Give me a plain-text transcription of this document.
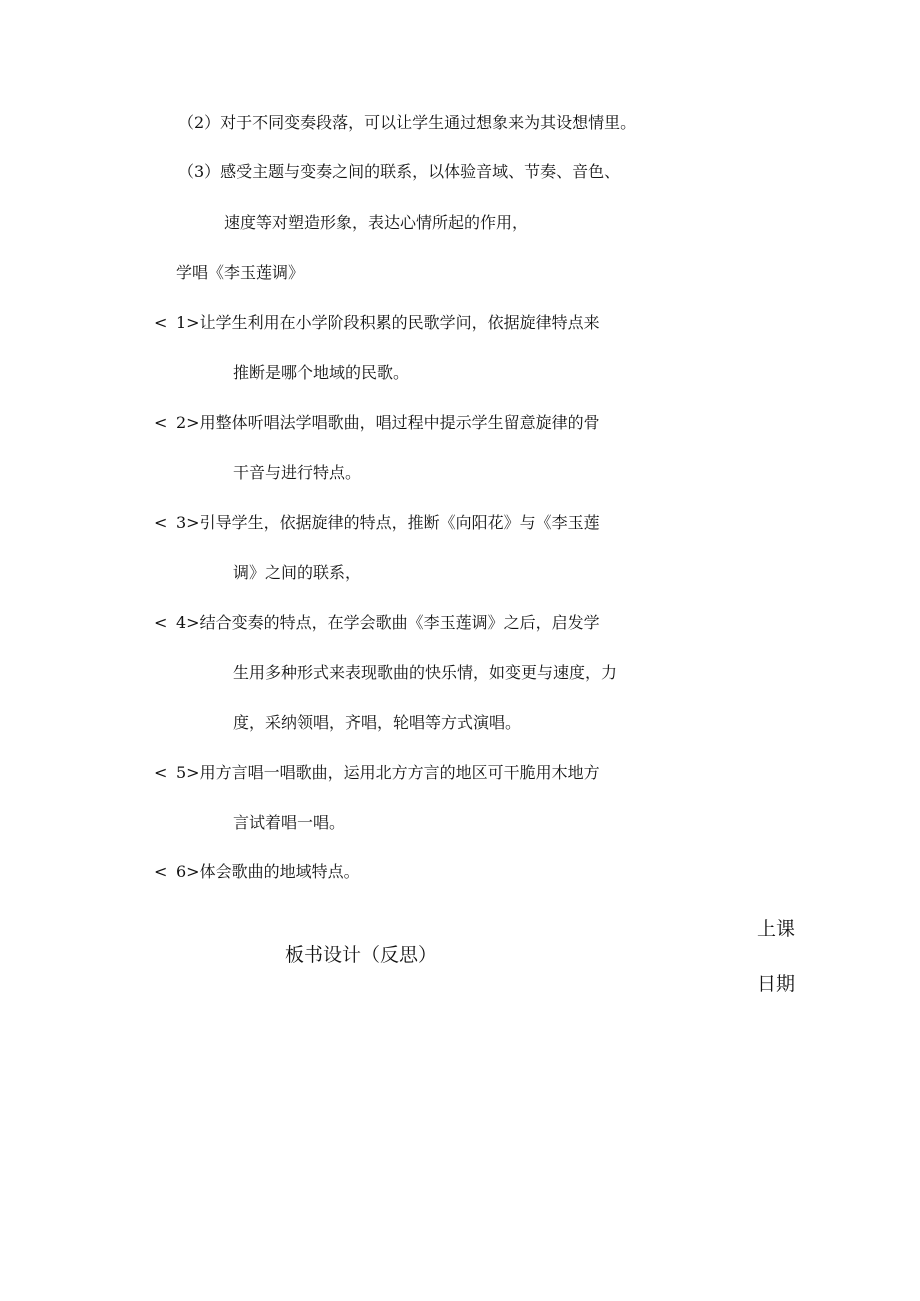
（2）对于不同变奏段落，可以让学生通过想象来为其设想情里。
（3）感受主题与变奏之间的联系，以体验音域、节奏、音色、
速度等对塑造形象，表达心情所起的作用，
学唱《李玉莲调》
< 1>让学生利用在小学阶段积累的民歌学问，依据旋律特点来
推断是哪个地域的民歌。
< 2>用整体听唱法学唱歌曲，唱过程中提示学生留意旋律的骨
干音与进行特点。
< 3>引导学生，依据旋律的特点，推断《向阳花》与《李玉莲
调》之间的联系，
< 4>结合变奏的特点，在学会歌曲《李玉莲调》之后，启发学
生用多种形式来表现歌曲的快乐情，如变更与速度，力
度，采纳领唱，齐唱，轮唱等方式演唱。
< 5>用方言唱一唱歌曲，运用北方方言的地区可干脆用木地方
言试着唱一唱。
< 6>体会歌曲的地域特点。
板书设计（反思）
上课
日期
